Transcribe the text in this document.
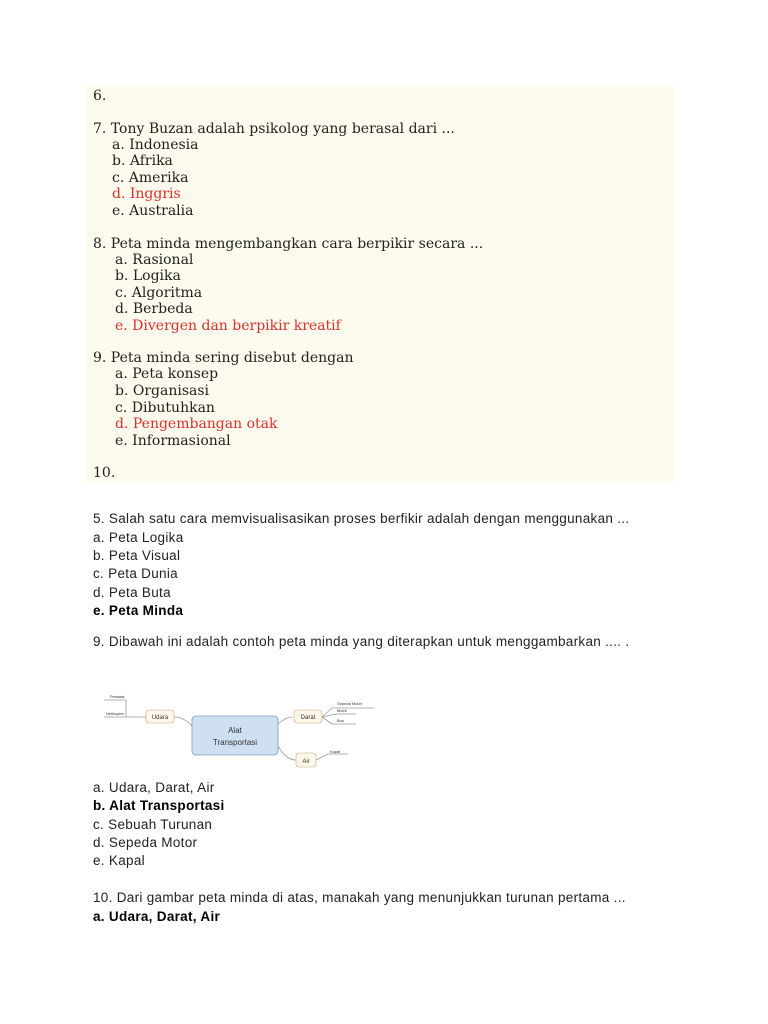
6.
7. Tony Buzan adalah psikolog yang berasal dari ...
a. Indonesia
b. Afrika
c. Amerika
d. Inggris
e. Australia
8. Peta minda mengembangkan cara berpikir secara ...
a. Rasional
b. Logika
c. Algoritma
d. Berbeda
e. Divergen dan berpikir kreatif
9. Peta minda sering disebut dengan
a. Peta konsep
b. Organisasi
c. Dibutuhkan
d. Pengembangan otak
e. Informasional
10.
5. Salah satu cara memvisualisasikan proses berfikir adalah dengan menggunakan ...
a. Peta Logika
b. Peta Visual
c. Peta Dunia
d. Peta Buta
e. Peta Minda
9. Dibawah ini adalah contoh peta minda yang diterapkan untuk menggambarkan .... .
a. Udara, Darat, Air
b. Alat Transportasi
c. Sebuah Turunan
d. Sepeda Motor
e. Kapal
10. Dari gambar peta minda di atas, manakah yang menunjukkan turunan pertama ...
a. Udara, Darat, Air
Alat
Transportasi
Udara
Pesawat
Helikopter
Darat
Sepeda Motor
Mobil
Bus
Air
Kapal
